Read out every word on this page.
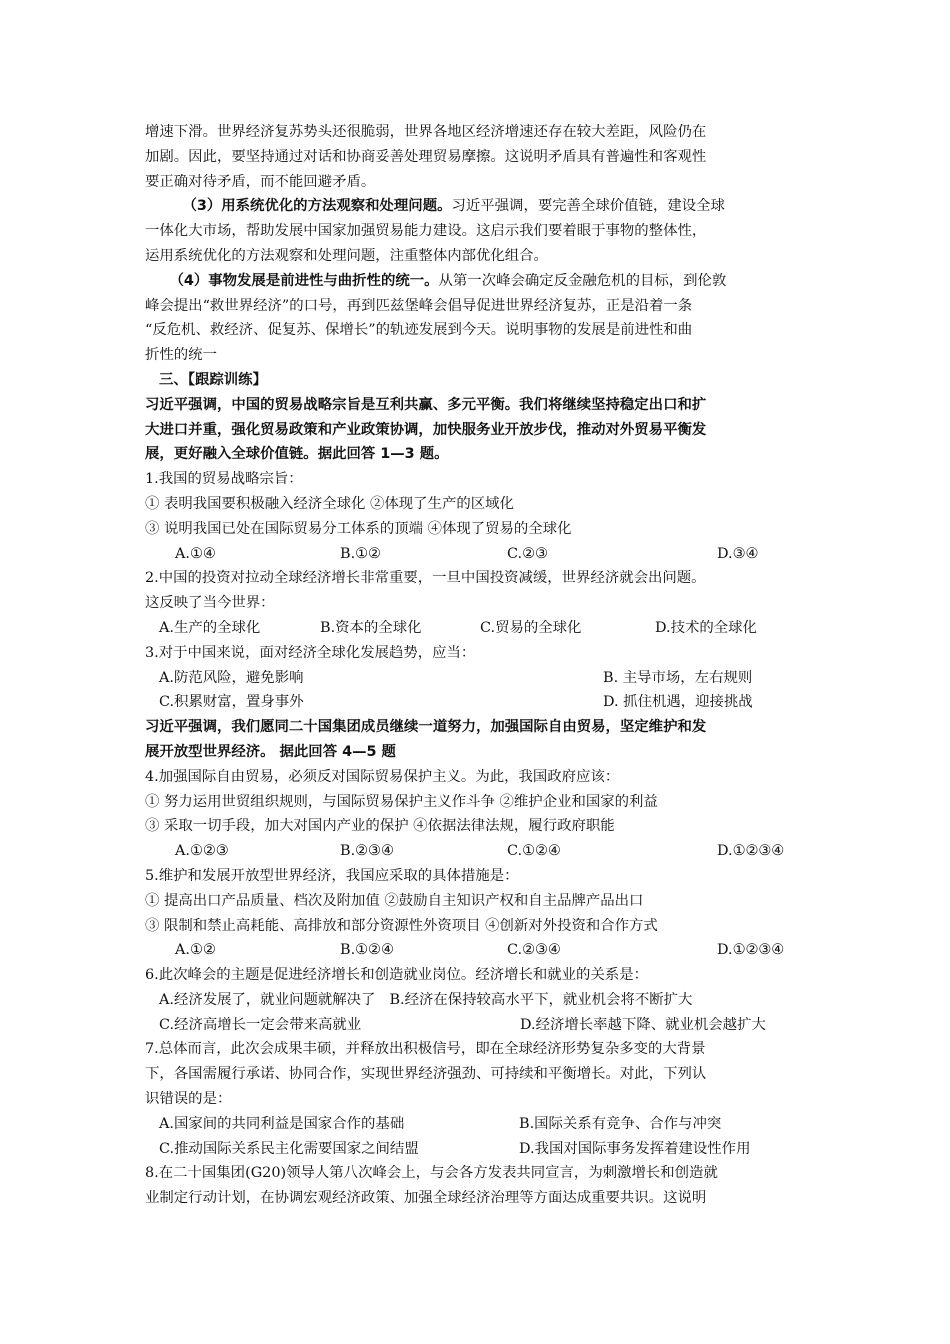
增速下滑。世界经济复苏势头还很脆弱，世界各地区经济增速还存在较大差距，风险仍在

加剧。因此，要坚持通过对话和协商妥善处理贸易摩擦。这说明矛盾具有普遍性和客观性

要正确对待矛盾，而不能回避矛盾。

（3）用系统优化的方法观察和处理问题。习近平强调，要完善全球价值链，建设全球

一体化大市场，帮助发展中国家加强贸易能力建设。这启示我们要着眼于事物的整体性，

运用系统优化的方法观察和处理问题，注重整体内部优化组合。

（4）事物发展是前进性与曲折性的统一。从第一次峰会确定反金融危机的目标，到伦敦

峰会提出“救世界经济”的口号，再到匹兹堡峰会倡导促进世界经济复苏，正是沿着一条

“反危机、救经济、促复苏、保增长”的轨迹发展到今天。说明事物的发展是前进性和曲

折性的统一

三、【跟踪训练】

习近平强调，中国的贸易战略宗旨是互利共赢、多元平衡。我们将继续坚持稳定出口和扩

大进口并重，强化贸易政策和产业政策协调，加快服务业开放步伐，推动对外贸易平衡发

展，更好融入全球价值链。据此回答 1—3 题。

1.我国的贸易战略宗旨：

① 表明我国要积极融入经济全球化 ②体现了生产的区域化

③ 说明我国已处在国际贸易分工体系的顶端 ④体现了贸易的全球化

A.①④	B.①②	C.②③	D.③④

2.中国的投资对拉动全球经济增长非常重要，一旦中国投资减缓，世界经济就会出问题。

这反映了当今世界：

A.生产的全球化	B.资本的全球化	C.贸易的全球化	D.技术的全球化

3.对于中国来说，面对经济全球化发展趋势，应当：

A.防范风险，避免影响	B. 主导市场，左右规则
C.积累财富，置身事外	D. 抓住机遇，迎接挑战

习近平强调，我们愿同二十国集团成员继续一道努力，加强国际自由贸易，坚定维护和发

展开放型世界经济。 据此回答 4—5 题

4.加强国际自由贸易，必须反对国际贸易保护主义。为此，我国政府应该：

① 努力运用世贸组织规则，与国际贸易保护主义作斗争 ②维护企业和国家的利益

③ 采取一切手段，加大对国内产业的保护 ④依据法律法规，履行政府职能

A.①②③	B.②③④	C.①②④	D.①②③④

5.维护和发展开放型世界经济，我国应采取的具体措施是：

① 提高出口产品质量、档次及附加值 ②鼓励自主知识产权和自主品牌产品出口

③ 限制和禁止高耗能、高排放和部分资源性外资项目 ④创新对外投资和合作方式

A.①②	B.①②④	C.②③④	D.①②③④

6.此次峰会的主题是促进经济增长和创造就业岗位。经济增长和就业的关系是：

A.经济发展了，就业问题就解决了 B.经济在保持较高水平下，就业机会将不断扩大
C.经济高增长一定会带来高就业	D.经济增长率越下降、就业机会越扩大

7.总体而言，此次会成果丰硕，并释放出积极信号，即在全球经济形势复杂多变的大背景

下，各国需履行承诺、协同合作，实现世界经济强劲、可持续和平衡增长。对此，下列认

识错误的是：

A.国家间的共同利益是国家合作的基础	B.国际关系有竞争、合作与冲突
C.推动国际关系民主化需要国家之间结盟	D.我国对国际事务发挥着建设性作用

8.在二十国集团(G20)领导人第八次峰会上，与会各方发表共同宣言，为刺激增长和创造就

业制定行动计划，在协调宏观经济政策、加强全球经济治理等方面达成重要共识。这说明
